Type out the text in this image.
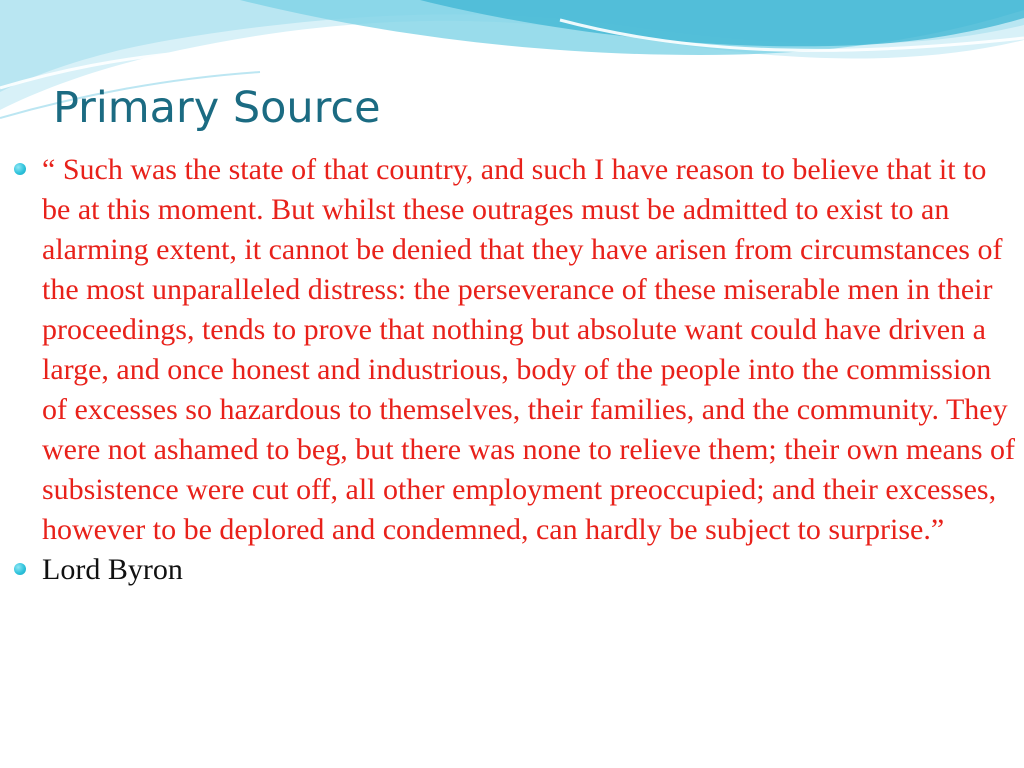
Primary Source
“ Such was the state of that country, and such I have reason to believe that it to be at this moment. But whilst these outrages must be admitted to exist to an alarming extent, it cannot be denied that they have arisen from circumstances of the most unparalleled distress: the perseverance of these miserable men in their proceedings, tends to prove that nothing but absolute want could have driven a large, and once honest and industrious, body of the people into the commission of excesses so hazardous to themselves, their families, and the community. They were not ashamed to beg, but there was none to relieve them; their own means of subsistence were cut off, all other employment preoccupied; and their excesses, however to be deplored and condemned, can hardly be subject to surprise.”
Lord Byron
